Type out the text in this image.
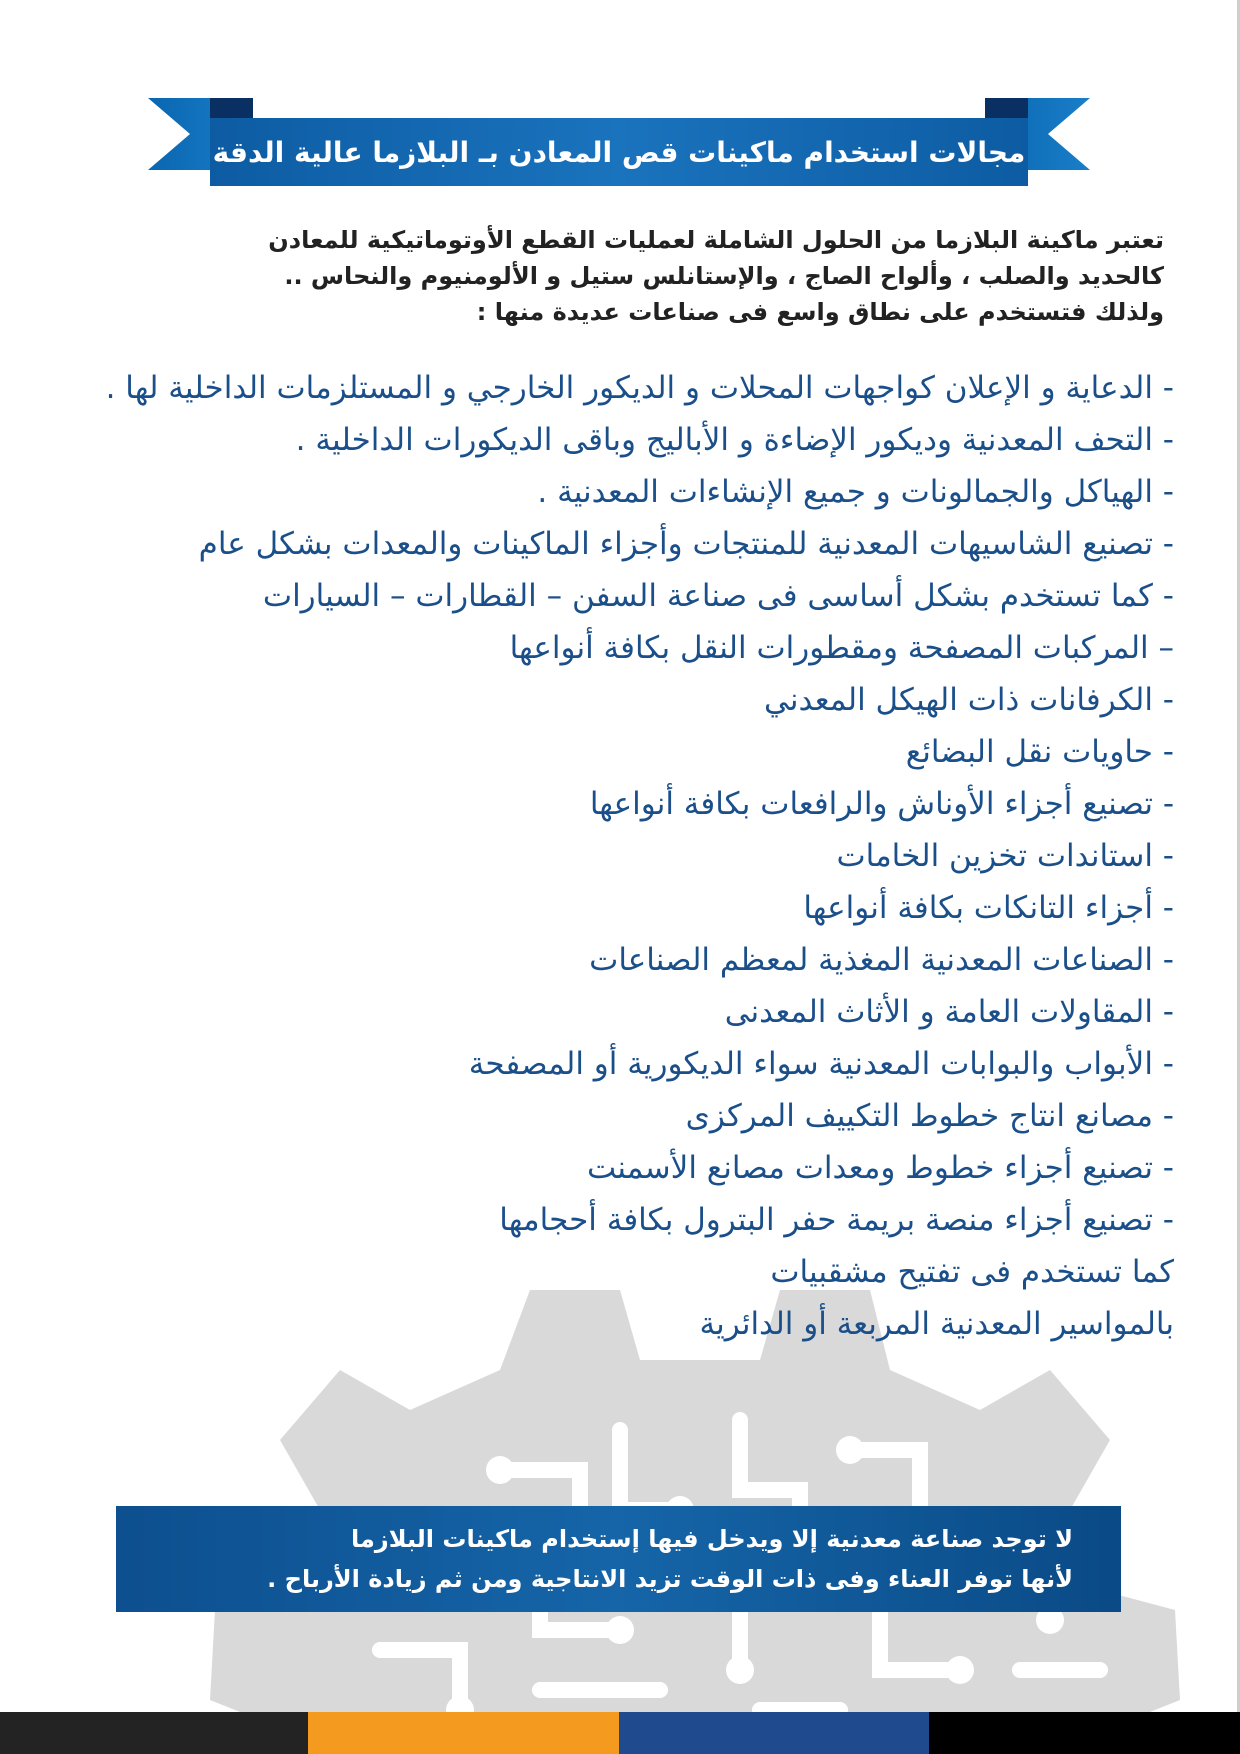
مجالات استخدام ماكينات قص المعادن بـ البلازما عالية الدقة
تعتبر ماكينة البلازما من الحلول الشاملة لعمليات القطع الأوتوماتيكية للمعادن
كالحديد والصلب ، وألواح الصاج ، والإستانلس ستيل و الألومنيوم والنحاس ..
ولذلك فتستخدم على نطاق واسع فى صناعات عديدة منها :
- الدعاية و الإعلان كواجهات المحلات و الديكور الخارجي و المستلزمات الداخلية لها .
- التحف المعدنية وديكور الإضاءة و الأباليج وباقى الديكورات الداخلية .
- الهياكل والجمالونات و جميع الإنشاءات المعدنية .
- تصنيع الشاسيهات المعدنية للمنتجات وأجزاء الماكينات والمعدات بشكل عام
- كما تستخدم بشكل أساسى فى صناعة السفن – القطارات – السيارات
– المركبات المصفحة ومقطورات النقل بكافة أنواعها
- الكرفانات ذات الهيكل المعدني
- حاويات نقل البضائع
- تصنيع أجزاء الأوناش والرافعات بكافة أنواعها
- استاندات تخزين الخامات
- أجزاء التانكات بكافة أنواعها
- الصناعات المعدنية المغذية لمعظم الصناعات
- المقاولات العامة و الأثاث المعدنى
- الأبواب والبوابات المعدنية سواء الديكورية أو المصفحة
- مصانع انتاج خطوط التكييف المركزى
- تصنيع أجزاء خطوط ومعدات مصانع الأسمنت
- تصنيع أجزاء منصة بريمة حفر البترول بكافة أحجامها
كما تستخدم فى تفتيح مشقبيات
بالمواسير المعدنية المربعة أو الدائرية
لا توجد صناعة معدنية إلا ويدخل فيها إستخدام ماكينات البلازما
لأنها توفر العناء وفى ذات الوقت تزيد الانتاجية ومن ثم زيادة الأرباح .
